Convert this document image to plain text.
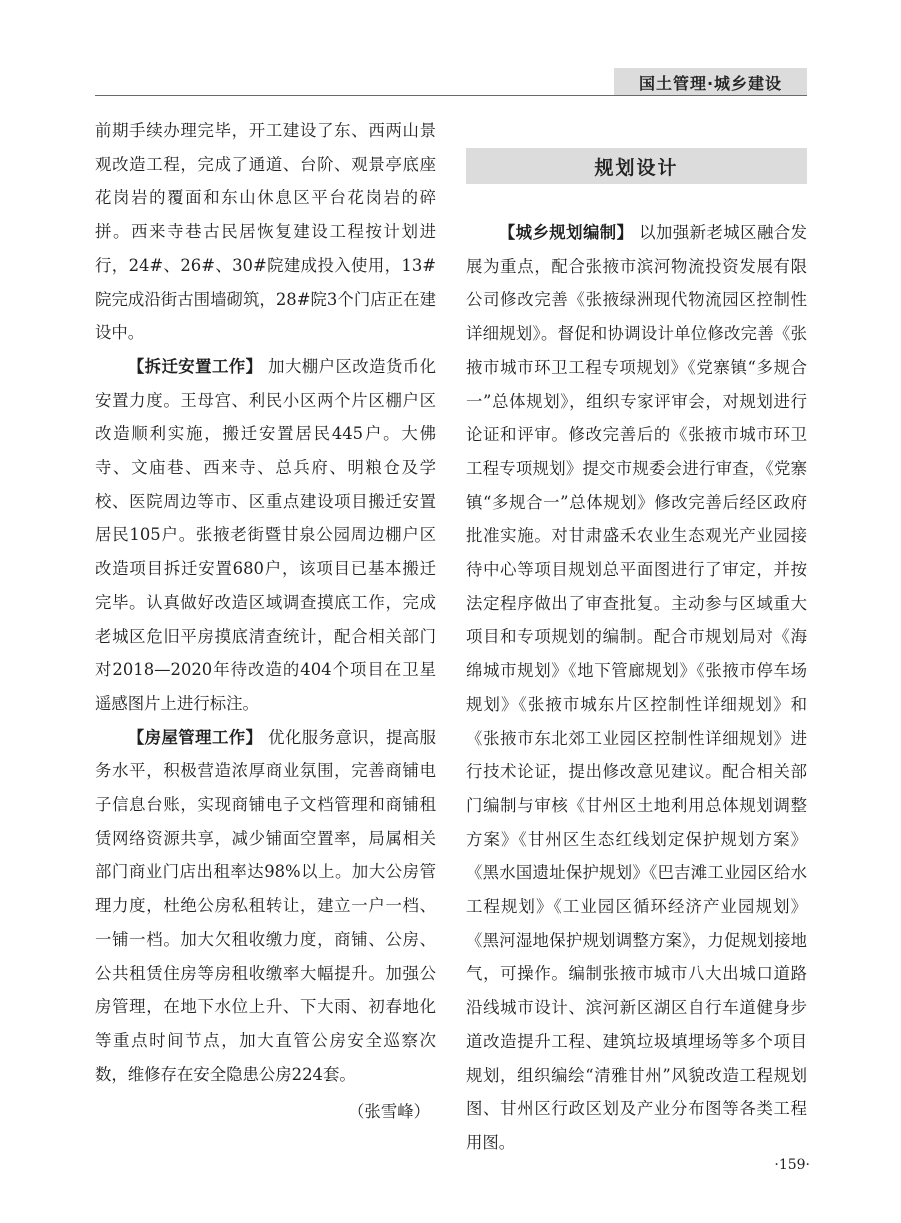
国土管理·城乡建设

前期手续办理完毕，开工建设了东、西两山景观改造工程，完成了通道、台阶、观景亭底座花岗岩的覆面和东山休息区平台花岗岩的碎拼。西来寺巷古民居恢复建设工程按计划进行，24#、26#、30#院建成投入使用，13#院完成沿街古围墙砌筑，28#院3个门店正在建设中。

【拆迁安置工作】 加大棚户区改造货币化安置力度。王母宫、利民小区两个片区棚户区改造顺利实施，搬迁安置居民445户。大佛寺、文庙巷、西来寺、总兵府、明粮仓及学校、医院周边等市、区重点建设项目搬迁安置居民105户。张掖老街暨甘泉公园周边棚户区改造项目拆迁安置680户，该项目已基本搬迁完毕。认真做好改造区域调查摸底工作，完成老城区危旧平房摸底清查统计，配合相关部门对2018—2020年待改造的404个项目在卫星遥感图片上进行标注。

【房屋管理工作】 优化服务意识，提高服务水平，积极营造浓厚商业氛围，完善商铺电子信息台账，实现商铺电子文档管理和商铺租赁网络资源共享，减少铺面空置率，局属相关部门商业门店出租率达98%以上。加大公房管理力度，杜绝公房私租转让，建立一户一档、一铺一档。加大欠租收缴力度，商铺、公房、公共租赁住房等房租收缴率大幅提升。加强公房管理，在地下水位上升、下大雨、初春地化等重点时间节点，加大直管公房安全巡察次数，维修存在安全隐患公房224套。

（张雪峰）

规划设计

【城乡规划编制】 以加强新老城区融合发展为重点，配合张掖市滨河物流投资发展有限公司修改完善《张掖绿洲现代物流园区控制性详细规划》。督促和协调设计单位修改完善《张掖市城市环卫工程专项规划》《党寨镇“多规合一”总体规划》，组织专家评审会，对规划进行论证和评审。修改完善后的《张掖市城市环卫工程专项规划》提交市规委会进行审查，《党寨镇“多规合一”总体规划》修改完善后经区政府批准实施。对甘肃盛禾农业生态观光产业园接待中心等项目规划总平面图进行了审定，并按法定程序做出了审查批复。主动参与区域重大项目和专项规划的编制。配合市规划局对《海绵城市规划》《地下管廊规划》《张掖市停车场规划》《张掖市城东片区控制性详细规划》和《张掖市东北郊工业园区控制性详细规划》进行技术论证，提出修改意见建议。配合相关部门编制与审核《甘州区土地利用总体规划调整方案》《甘州区生态红线划定保护规划方案》《黑水国遗址保护规划》《巴吉滩工业园区给水工程规划》《工业园区循环经济产业园规划》《黑河湿地保护规划调整方案》，力促规划接地气，可操作。编制张掖市城市八大出城口道路沿线城市设计、滨河新区湖区自行车道健身步道改造提升工程、建筑垃圾填埋场等多个项目规划，组织编绘“清雅甘州”风貌改造工程规划图、甘州区行政区划及产业分布图等各类工程用图。

·159·
